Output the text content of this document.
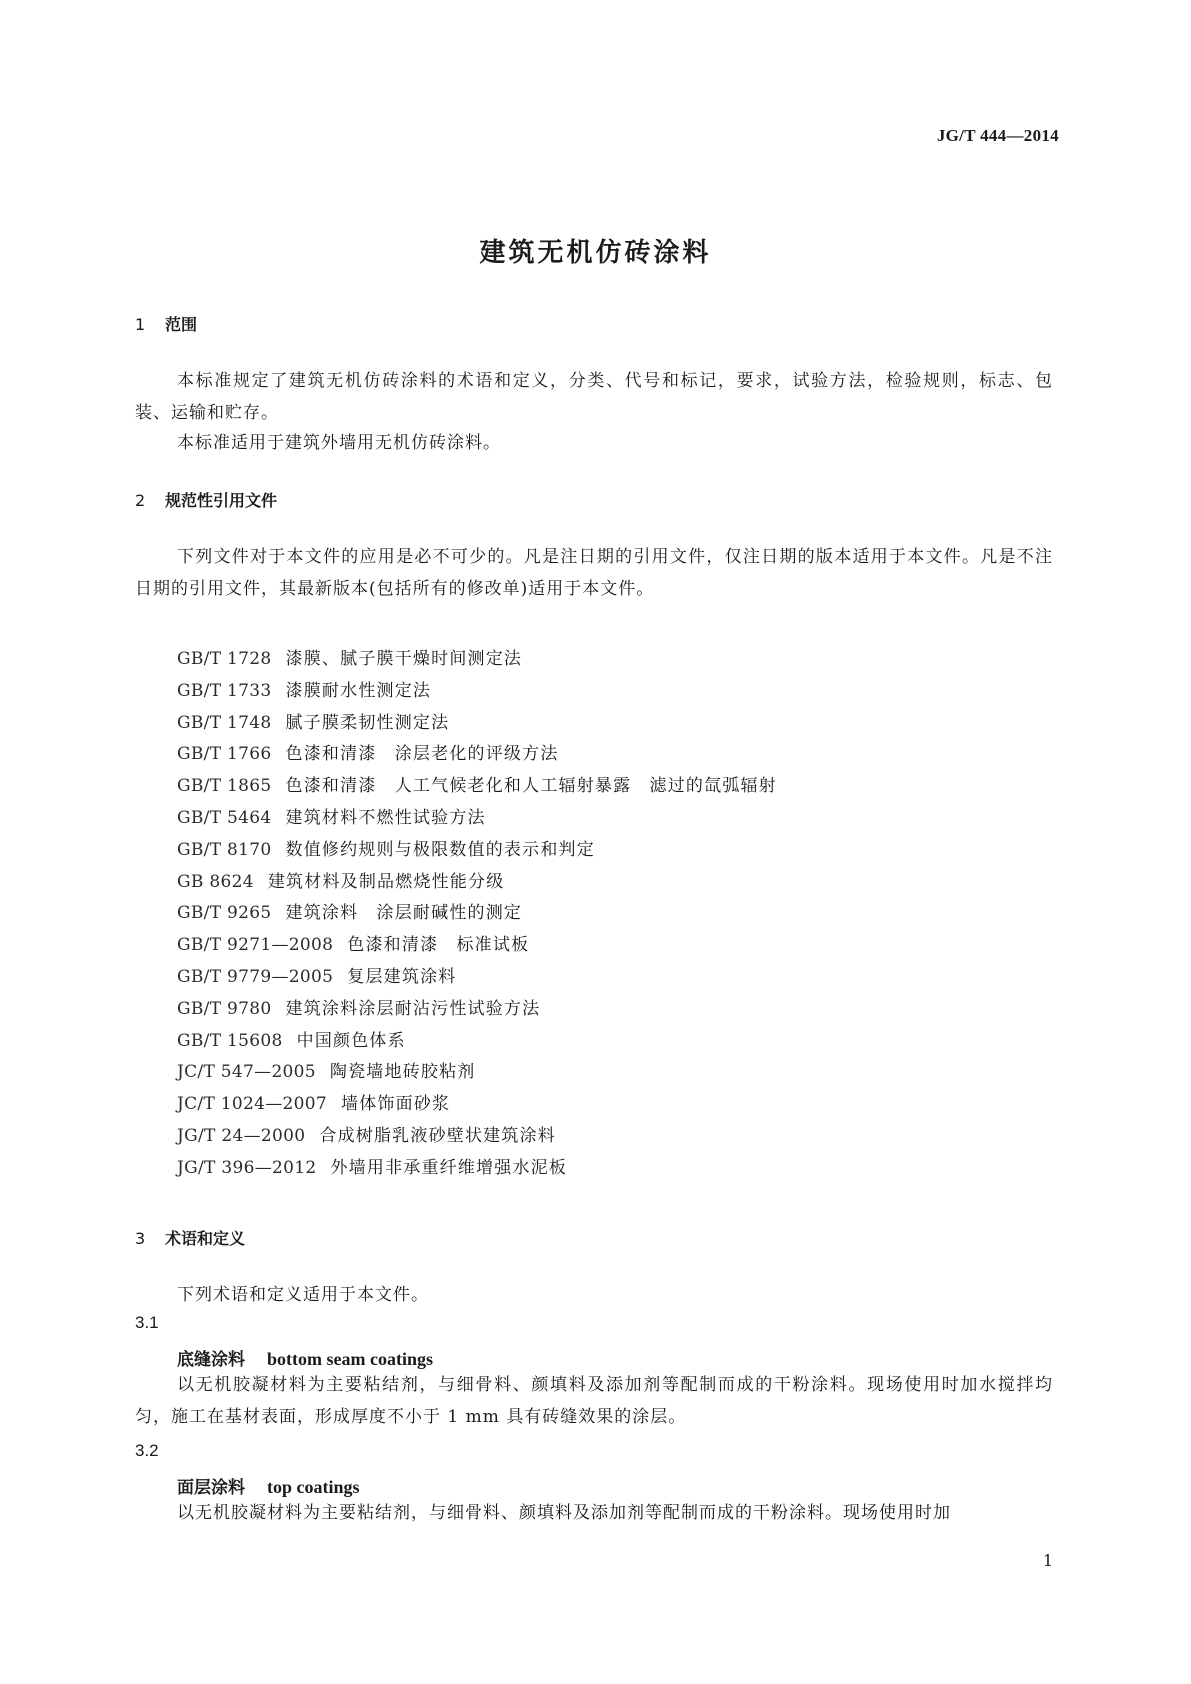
JG/T 444—2014
建筑无机仿砖涂料
1 范围
本标准规定了建筑无机仿砖涂料的术语和定义，分类、代号和标记，要求，试验方法，检验规则，标志、包装、运输和贮存。
本标准适用于建筑外墙用无机仿砖涂料。
2 规范性引用文件
下列文件对于本文件的应用是必不可少的。凡是注日期的引用文件，仅注日期的版本适用于本文件。凡是不注日期的引用文件，其最新版本(包括所有的修改单)适用于本文件。
GB/T 1728 漆膜、腻子膜干燥时间测定法
GB/T 1733 漆膜耐水性测定法
GB/T 1748 腻子膜柔韧性测定法
GB/T 1766 色漆和清漆　涂层老化的评级方法
GB/T 1865 色漆和清漆　人工气候老化和人工辐射暴露　滤过的氙弧辐射
GB/T 5464 建筑材料不燃性试验方法
GB/T 8170 数值修约规则与极限数值的表示和判定
GB 8624 建筑材料及制品燃烧性能分级
GB/T 9265 建筑涂料　涂层耐碱性的测定
GB/T 9271—2008 色漆和清漆　标准试板
GB/T 9779—2005 复层建筑涂料
GB/T 9780 建筑涂料涂层耐沾污性试验方法
GB/T 15608 中国颜色体系
JC/T 547—2005 陶瓷墙地砖胶粘剂
JC/T 1024—2007 墙体饰面砂浆
JG/T 24—2000 合成树脂乳液砂壁状建筑涂料
JG/T 396—2012 外墙用非承重纤维增强水泥板
3 术语和定义
下列术语和定义适用于本文件。
3.1
底缝涂料 bottom seam coatings
以无机胶凝材料为主要粘结剂，与细骨料、颜填料及添加剂等配制而成的干粉涂料。现场使用时加水搅拌均匀，施工在基材表面，形成厚度不小于 1 mm 具有砖缝效果的涂层。
3.2
面层涂料 top coatings
以无机胶凝材料为主要粘结剂，与细骨料、颜填料及添加剂等配制而成的干粉涂料。现场使用时加
1
